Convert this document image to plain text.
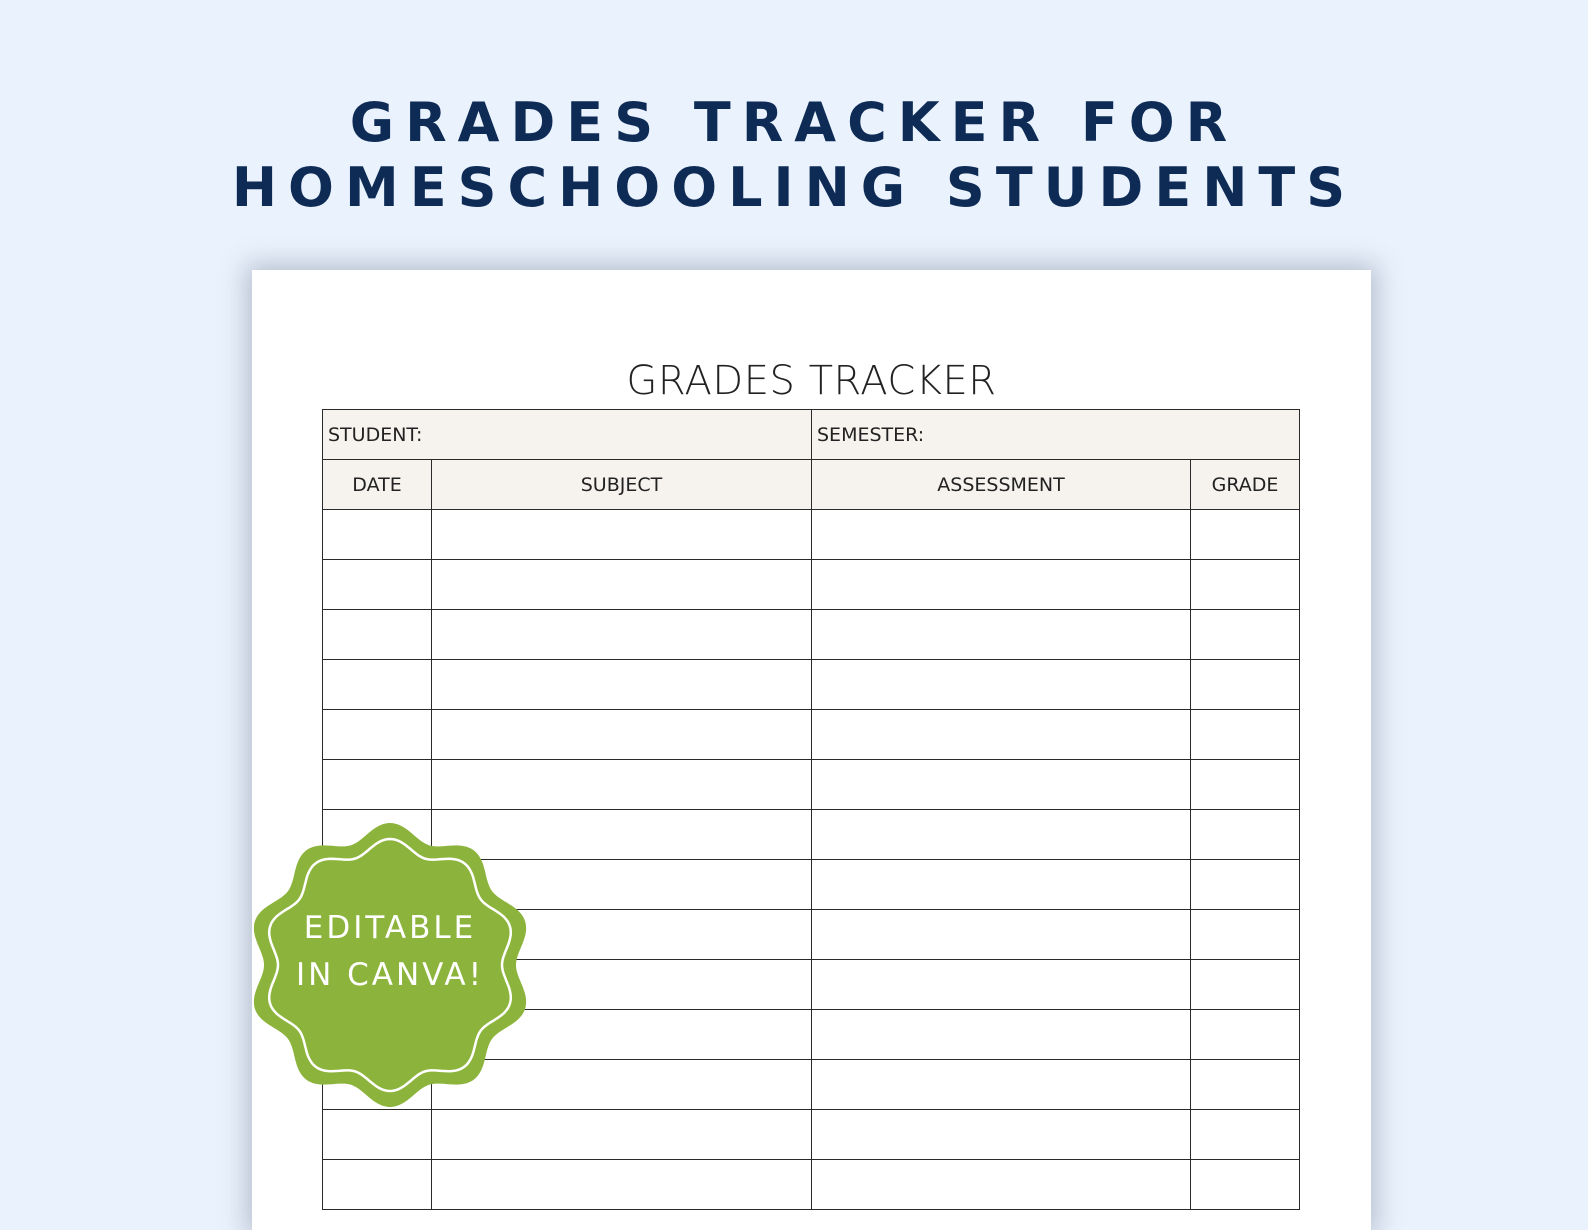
GRADES TRACKER FOR
HOMESCHOOLING STUDENTS
GRADES TRACKER
STUDENT:		SEMESTER:	
DATE	SUBJECT	ASSESSMENT	GRADE

EDITABLE
IN CANVA!
